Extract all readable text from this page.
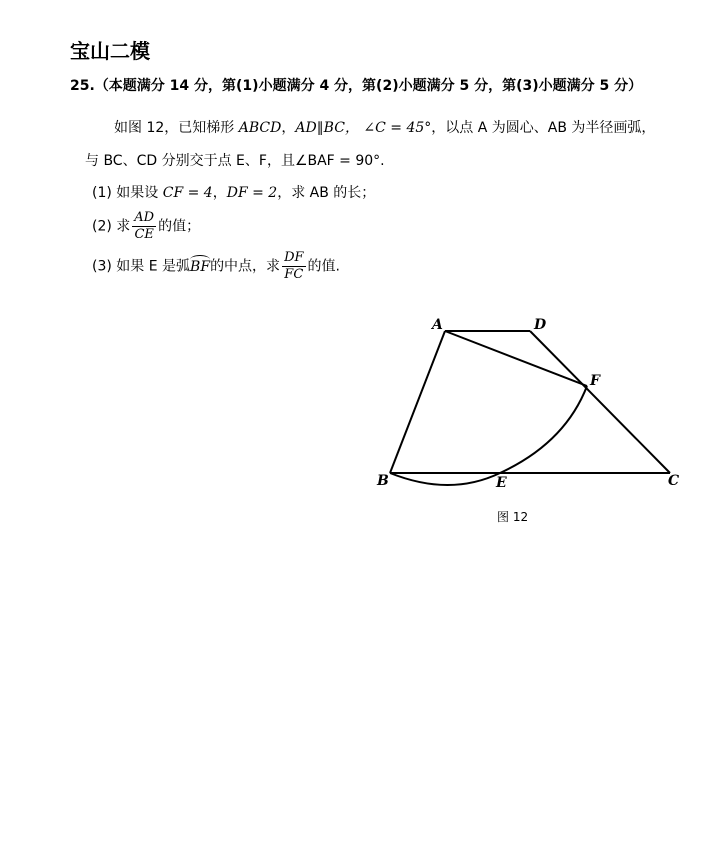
宝山二模
25.（本题满分 14 分，第(1)小题满分 4 分，第(2)小题满分 5 分，第(3)小题满分 5 分）
如图 12，已知梯形 ABCD，AD∥BC， ∠C = 45°，以点 A 为圆心、AB 为半径画弧，
与 BC、CD 分别交于点 E、F，且∠BAF = 90°.
(1) 如果设 CF = 4，DF = 2，求 AB 的长；
(2) 求 $\frac{AD}{CE}$ 的值；
(3) 如果 E 是弧BF的中点，求 $\frac{DF}{FC}$ 的值.
A	D
F
B	E	C
图 12
